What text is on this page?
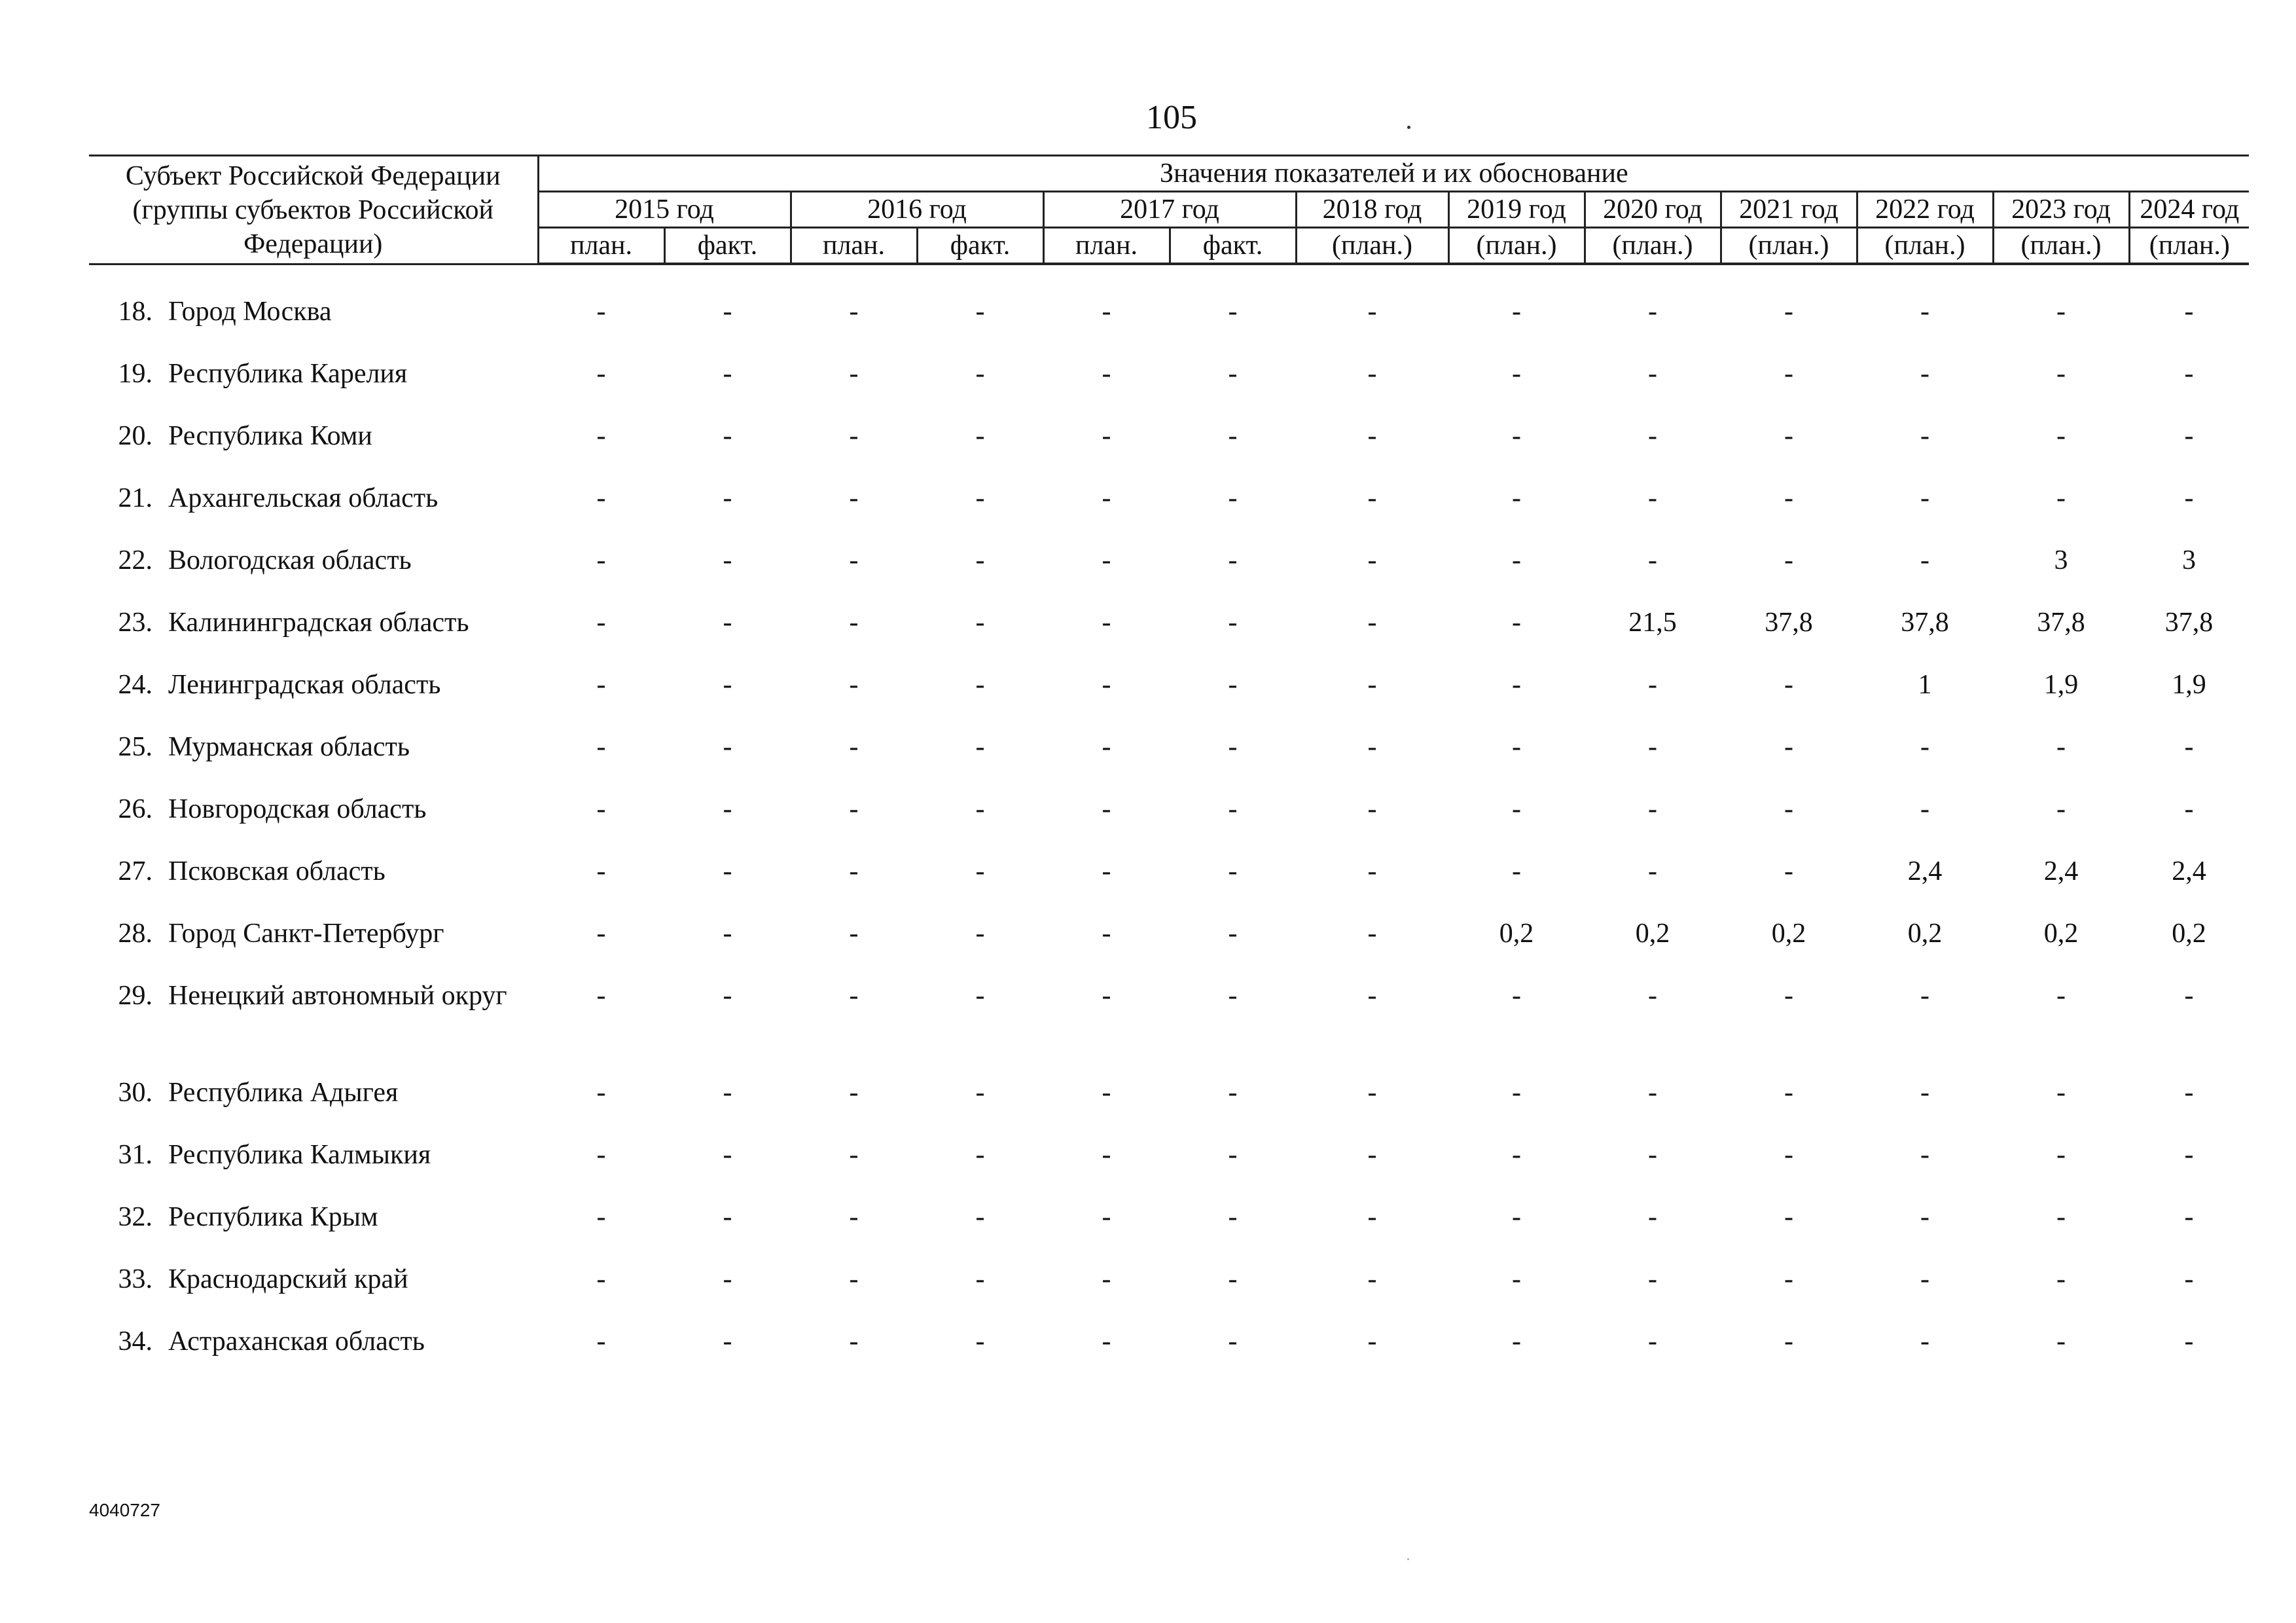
105
Субъект Российской Федерации (группы субъектов Российской Федерации)	Значения показателей и их обоснование												
	2015 год		2016 год		2017 год		2018 год	2019 год	2020 год	2021 год	2022 год	2023 год	2024 год
	план.	факт.	план.	факт.	план.	факт.	(план.)	(план.)	(план.)	(план.)	(план.)	(план.)	(план.)

18. Город Москва	-	-	-	-	-	-	-	-	-	-	-	-	-
19. Республика Карелия	-	-	-	-	-	-	-	-	-	-	-	-	-
20. Республика Коми	-	-	-	-	-	-	-	-	-	-	-	-	-
21. Архангельская область	-	-	-	-	-	-	-	-	-	-	-	-	-
22. Вологодская область	-	-	-	-	-	-	-	-	-	-	-	3	3
23. Калининградская область	-	-	-	-	-	-	-	-	21,5	37,8	37,8	37,8	37,8
24. Ленинградская область	-	-	-	-	-	-	-	-	-	-	1	1,9	1,9
25. Мурманская область	-	-	-	-	-	-	-	-	-	-	-	-	-
26. Новгородская область	-	-	-	-	-	-	-	-	-	-	-	-	-
27. Псковская область	-	-	-	-	-	-	-	-	-	-	2,4	2,4	2,4
28. Город Санкт-Петербург	-	-	-	-	-	-	-	0,2	0,2	0,2	0,2	0,2	0,2
29. Ненецкий автономный округ	-	-	-	-	-	-	-	-	-	-	-	-	-
30. Республика Адыгея	-	-	-	-	-	-	-	-	-	-	-	-	-
31. Республика Калмыкия	-	-	-	-	-	-	-	-	-	-	-	-	-
32. Республика Крым	-	-	-	-	-	-	-	-	-	-	-	-	-
33. Краснодарский край	-	-	-	-	-	-	-	-	-	-	-	-	-
34. Астраханская область	-	-	-	-	-	-	-	-	-	-	-	-	-
4040727
